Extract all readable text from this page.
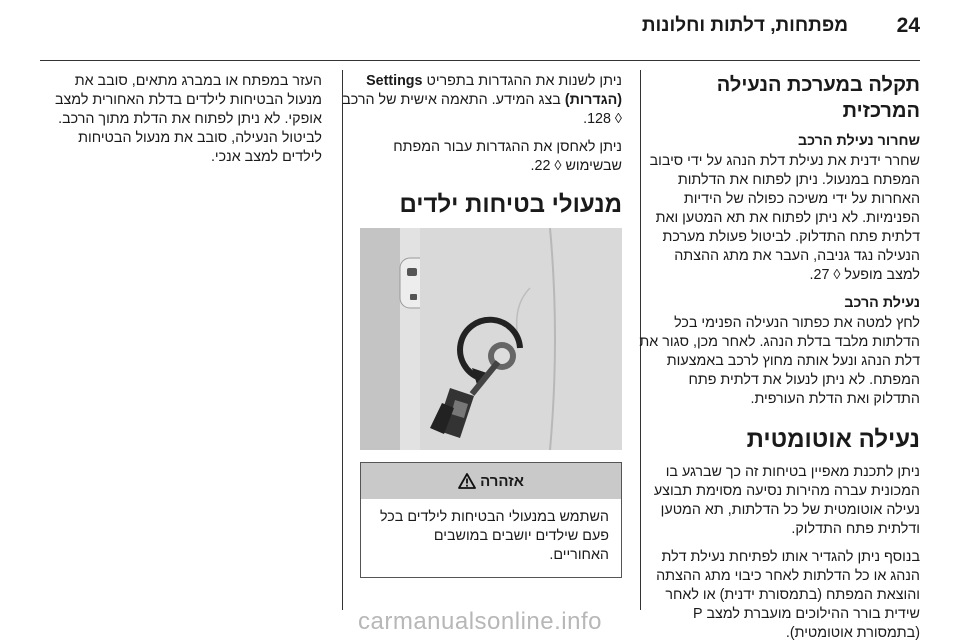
24
מפתחות, דלתות וחלונות
תקלה במערכת הנעילה המרכזית
שחרור נעילת הרכב
שחרר ידנית את נעילת דלת הנהג על ידי סיבוב המפתח במנעול. ניתן לפתוח את הדלתות האחרות על ידי משיכה כפולה של הידיות הפנימיות. לא ניתן לפתוח את תא המטען ואת דלתית פתח התדלוק. לביטול פעולת מערכת הנעילה נגד גניבה, העבר את מתג ההצתה למצב מופעל ◊ 27.
נעילת הרכב
לחץ למטה את כפתור הנעילה הפנימי בכל הדלתות מלבד בדלת הנהג. לאחר מכן, סגור את דלת הנהג ונעל אותה מחוץ לרכב באמצעות המפתח. לא ניתן לנעול את דלתית פתח התדלוק ואת הדלת העורפית.
נעילה אוטומטית
ניתן לתכנת מאפיין בטיחות זה כך שברגע בו המכונית עברה מהירות נסיעה מסוימת תבוצע נעילה אוטומטית של כל הדלתות, תא המטען ודלתית פתח התדלוק.
בנוסף ניתן להגדיר אותו לפתיחת נעילת דלת הנהג או כל הדלתות לאחר כיבוי מתג ההצתה והוצאת המפתח (בתמסורת ידנית) או לאחר שידית בורר ההילוכים מועברת למצב P (בתמסורת אוטומטית).
ניתן לשנות את ההגדרות בתפריט Settings (הגדרות) בצג המידע. התאמה אישית של הרכב ◊ 128.
ניתן לאחסן את ההגדרות עבור המפתח שבשימוש ◊ 22.
מנעולי בטיחות ילדים
אזהרה
השתמש במנעולי הבטיחות לילדים בכל פעם שילדים יושבים במושבים האחוריים.
העזר במפתח או במברג מתאים, סובב את מנעול הבטיחות לילדים בדלת האחורית למצב אופקי. לא ניתן לפתוח את הדלת מתוך הרכב. לביטול הנעילה, סובב את מנעול הבטיחות לילדים למצב אנכי.
carmanualsonline.info
